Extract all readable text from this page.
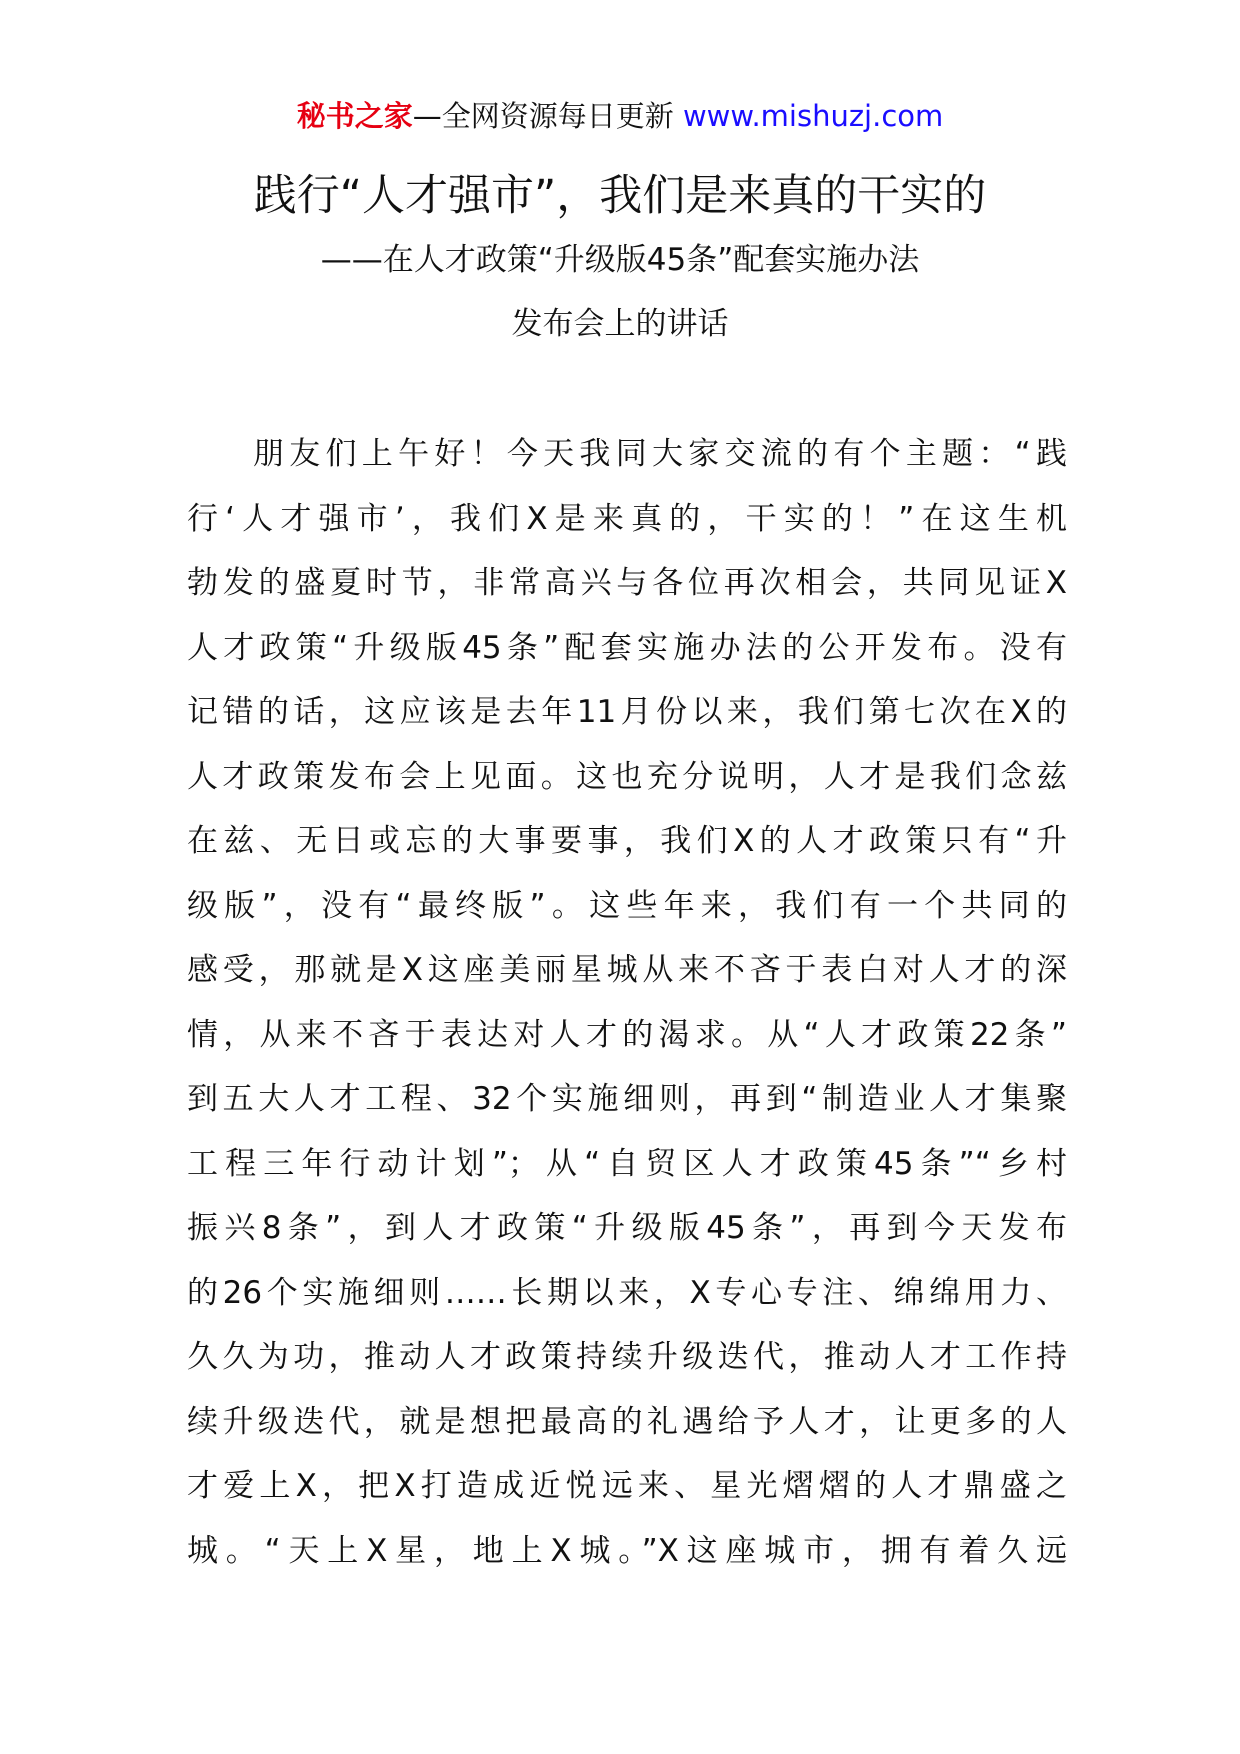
秘书之家—全网资源每日更新 www.mishuzj.com
践行“人才强市”，我们是来真的干实的
——在人才政策“升级版45条”配套实施办法
发布会上的讲话
朋友们上午好！今天我同大家交流的有个主题：“践
行‘人才强市’，我们X是来真的，干实的！”在这生机
勃发的盛夏时节，非常高兴与各位再次相会，共同见证X
人才政策“升级版45条”配套实施办法的公开发布。没有
记错的话，这应该是去年11月份以来，我们第七次在X的
人才政策发布会上见面。这也充分说明，人才是我们念兹
在兹、无日或忘的大事要事，我们X的人才政策只有“升
级版”，没有“最终版”。这些年来，我们有一个共同的
感受，那就是X这座美丽星城从来不吝于表白对人才的深
情，从来不吝于表达对人才的渴求。从“人才政策22条”
到五大人才工程、32个实施细则，再到“制造业人才集聚
工程三年行动计划”；从“自贸区人才政策45条”“乡村
振兴8条”，到人才政策“升级版45条”，再到今天发布
的26个实施细则……长期以来，X专心专注、绵绵用力、
久久为功，推动人才政策持续升级迭代，推动人才工作持
续升级迭代，就是想把最高的礼遇给予人才，让更多的人
才爱上X，把X打造成近悦远来、星光熠熠的人才鼎盛之
城。“天上X星，地上X城。”X这座城市，拥有着久远
